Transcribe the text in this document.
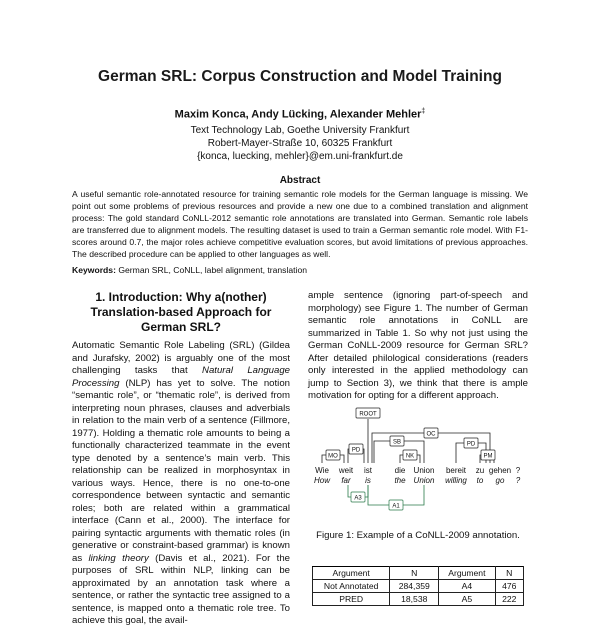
German SRL: Corpus Construction and Model Training
Maxim Konca, Andy Lücking, Alexander Mehler‡
Text Technology Lab, Goethe University Frankfurt
Robert-Mayer-Straße 10, 60325 Frankfurt
{konca, luecking, mehler}@em.uni-frankfurt.de
Abstract
A useful semantic role-annotated resource for training semantic role models for the German language is missing. We point out some problems of previous resources and provide a new one due to a combined translation and alignment process: The gold standard CoNLL-2012 semantic role annotations are translated into German. Semantic role labels are transferred due to alignment models. The resulting dataset is used to train a German semantic role model. With F1-scores around 0.7, the major roles achieve competitive evaluation scores, but avoid limitations of previous approaches. The described procedure can be applied to other languages as well.
Keywords: German SRL, CoNLL, label alignment, translation
1. Introduction: Why a(nother)
Translation-based Approach for
German SRL?
Automatic Semantic Role Labeling (SRL) (Gildea and Jurafsky, 2002) is arguably one of the most challenging tasks that Natural Language Processing (NLP) has yet to solve. The notion “semantic role”, or “thematic role”, is derived from interpreting noun phrases, clauses and adverbials in relation to the main verb of a sentence (Fillmore, 1977). Holding a thematic role amounts to being a functionally characterized teammate in the event type denoted by a sentence’s main verb. This relationship can be realized in morphosyntax in various ways. Hence, there is no one-to-one correspondence between syntactic and semantic roles; both are related within a grammatical interface (Cann et al., 2000). The interface for pairing syntactic arguments with thematic roles (in generative or constraint-based grammar) is known as linking theory (Davis et al., 2021). For the purposes of SRL within NLP, linking can be approximated by an annotation task where a sentence, or rather the syntactic tree assigned to a sentence, is mapped onto a thematic role tree. To achieve this goal, the avail-
ample sentence (ignoring part-of-speech and morphology) see Figure 1. The number of German semantic role annotations in CoNLL are summarized in Table 1. So why not just using the German CoNLL-2009 resource for German SRL? After detailed philological considerations (readers only interested in the applied methodology can jump to Section 3), we think that there is ample motivation for opting for a different approach.
ROOT
OC
SB
PD
MO	NK
PD
PM
A3
A1
Wie weit ist	die Union bereit zu gehen ?
How far is	the Union willing to go ?
Figure 1: Example of a CoNLL-2009 annotation.
Argument	N	Argument	N
Not Annotated	284,359	A4	476
PRED	18,538	A5	222
